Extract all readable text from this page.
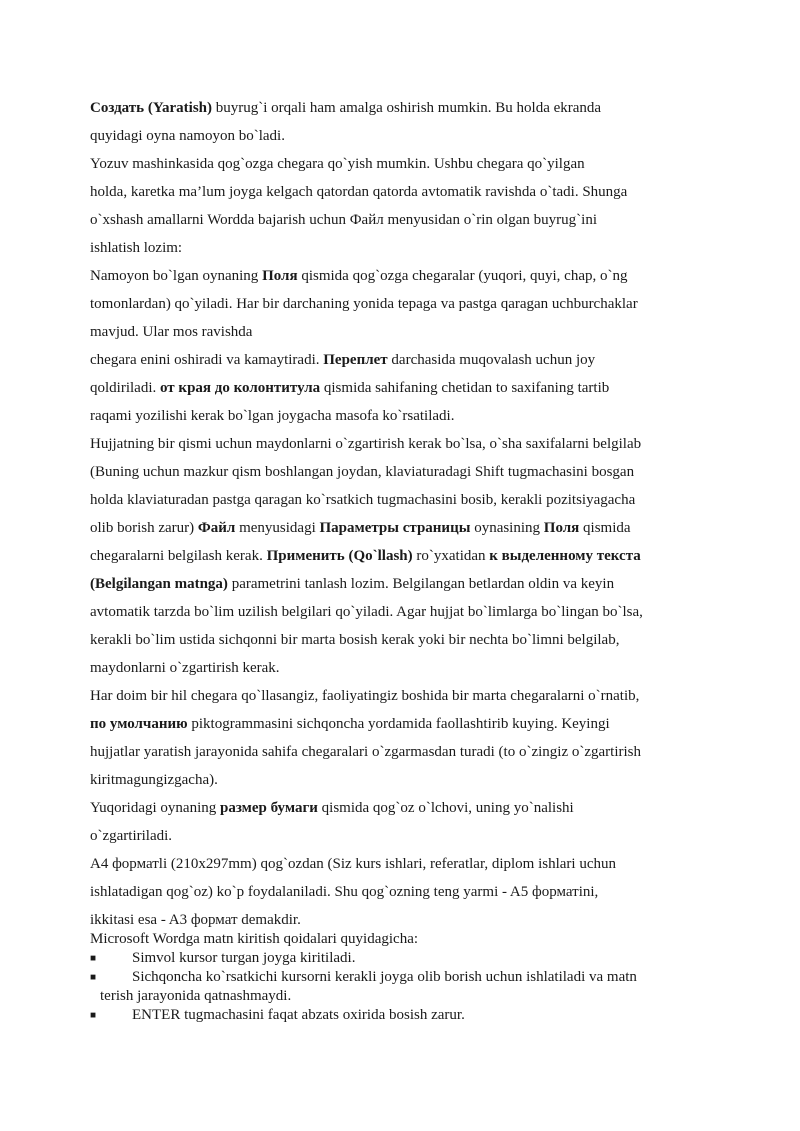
Создать (Yaratish) buyrug`i orqali ham amalga oshirish mumkin. Bu holda ekranda
quyidagi oyna namoyon bo`ladi.
Yozuv mashinkasida qog`ozga chegara qo`yish mumkin. Ushbu chegara qo`yilgan
holda, karetka ma’lum joyga kelgach qatordan qatorda avtomatik ravishda o`tadi. Shunga
o`xshash amallarni Wordda bajarish uchun Файл menyusidan o`rin olgan buyrug`ini
ishlatish lozim:
Namoyon bo`lgan oynaning Поля qismida qog`ozga chegaralar (yuqori, quyi, chap, o`ng
tomonlardan) qo`yiladi. Har bir darchaning yonida tepaga va pastga qaragan uchburchaklar
mavjud. Ular mos ravishda
chegara enini oshiradi va kamaytiradi. Переплет darchasida muqovalash uchun joy
qoldiriladi. от края до колонтитула qismida sahifaning chetidan to saxifaning tartib
raqami yozilishi kerak bo`lgan joygacha masofa ko`rsatiladi.
Hujjatning bir qismi uchun maydonlarni o`zgartirish kerak bo`lsa, o`sha saxifalarni belgilab
(Buning uchun mazkur qism boshlangan joydan, klaviaturadagi Shift tugmachasini bosgan
holda klaviaturadan pastga qaragan ko`rsatkich tugmachasini bosib, kerakli pozitsiyagacha
olib borish zarur) Файл menyusidagi Параметры страницы oynasining Поля qismida
chegaralarni belgilash kerak. Применить (Qo`llash) ro`yxatidan к выделенному текста
(Belgilangan matnga) parametrini tanlash lozim. Belgilangan betlardan oldin va keyin
avtomatik tarzda bo`lim uzilish belgilari qo`yiladi. Agar hujjat bo`limlarga bo`lingan bo`lsa,
kerakli bo`lim ustida sichqonni bir marta bosish kerak yoki bir nechta bo`limni belgilab,
maydonlarni o`zgartirish kerak.
Har doim bir hil chegara qo`llasangiz, faoliyatingiz boshida bir marta chegaralarni o`rnatib,
по умолчанию piktogrammasini sichqoncha yordamida faollashtirib kuying. Keyingi
hujjatlar yaratish jarayonida sahifa chegaralari o`zgarmasdan turadi (to o`zingiz o`zgartirish
kiritmagungizgacha).
Yuqoridagi oynaning размер бумаги qismida qog`oz o`lchovi, uning yo`nalishi
o`zgartiriladi.
A4 форматli (210x297mm) qog`ozdan (Siz kurs ishlari, referatlar, diplom ishlari uchun
ishlatadigan qog`oz) ko`p foydalaniladi. Shu qog`ozning teng yarmi - A5 форматini,
ikkitasi esa - A3 формат demakdir.
Microsoft Wordga matn kiritish qoidalari quyidagicha:
■	Simvol kursor turgan joyga kiritiladi.
■	Sichqoncha ko`rsatkichi kursorni kerakli joyga olib borish uchun ishlatiladi va matn
terish jarayonida qatnashmaydi.
■	ENTER tugmachasini faqat abzats oxirida bosish zarur.
